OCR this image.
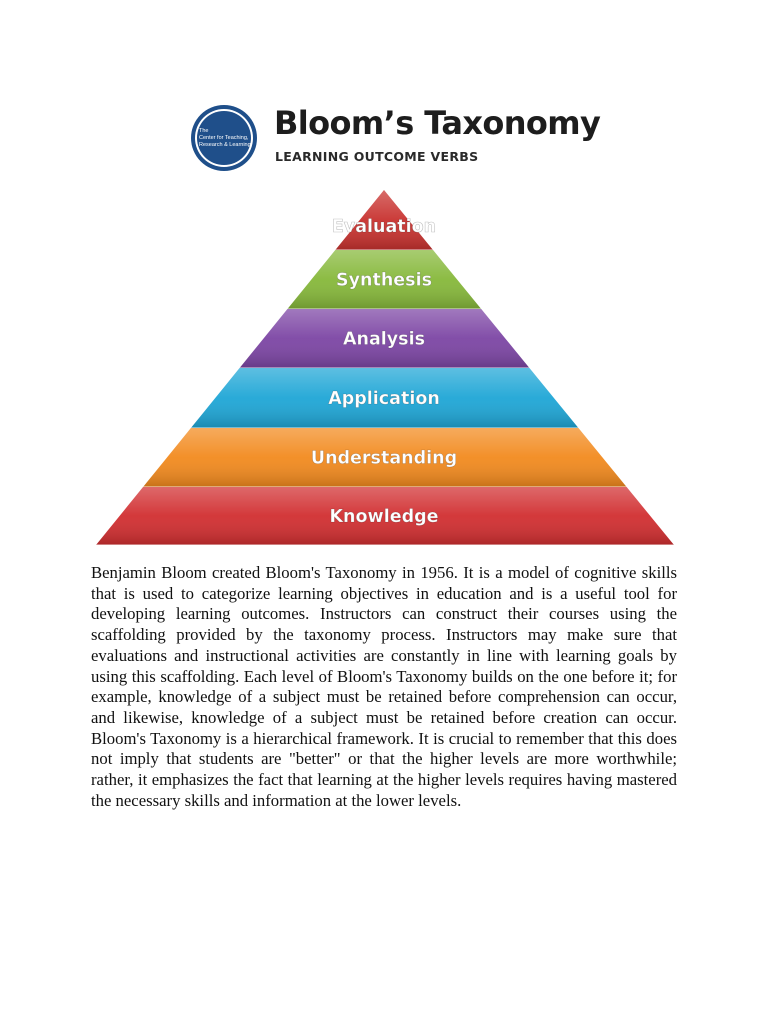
The
Center for Teaching,
Research & Learning
Bloom’s Taxonomy
LEARNING OUTCOME VERBS
Evaluation
Synthesis
Analysis
Application
Understanding
Knowledge

Benjamin Bloom created Bloom's Taxonomy in 1956. It is a model of cognitive skills that is used to categorize learning objectives in education and is a useful tool for developing learning outcomes. Instructors can construct their courses using the scaffolding provided by the taxonomy process. Instructors may make sure that evaluations and instructional activities are constantly in line with learning goals by using this scaffolding. Each level of Bloom's Taxonomy builds on the one before it; for example, knowledge of a subject must be retained before comprehension can occur, and likewise, knowledge of a subject must be retained before creation can occur. Bloom's Taxonomy is a hierarchical framework. It is crucial to remember that this does not imply that students are "better" or that the higher levels are more worthwhile; rather, it emphasizes the fact that learning at the higher levels requires having mastered the necessary skills and information at the lower levels.
